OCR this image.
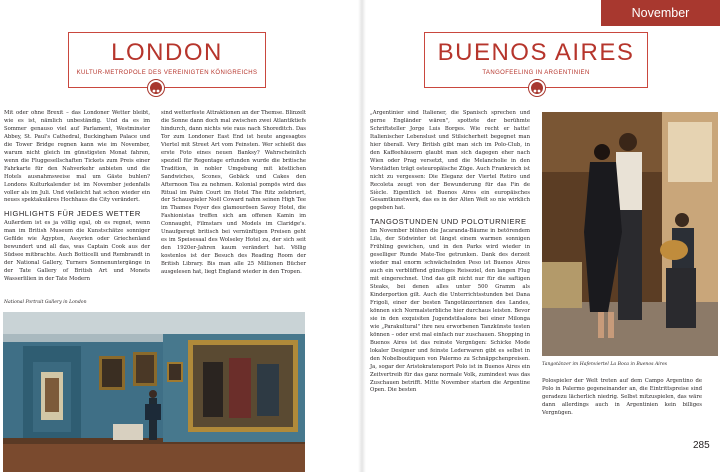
November
LONDON
KULTUR-METROPOLE DES VEREINIGTEN KÖNIGREICHS

Mit oder ohne Brexit – das Londoner Wetter bleibt, wie es ist, nämlich unbeständig. Und da es im Sommer genauso viel auf Parlament, Westminster Abbey, St. Paul's Cathedral, Buckingham Palace und die Tower Bridge regnen kann wie im November, warum nicht gleich im günstigsten Monat fahren, wenn die Fluggesellschaften Tickets zum Preis einer Fahrkarte für den Nahverkehr anbieten und die Hotels ausnahmsweise mal um Gäste buhlen? Londons Kulturkalender ist im November jedenfalls voller als im Juli. Und vielleicht hat schon wieder ein neues spektakuläres Hochhaus die City verändert.

HIGHLIGHTS FÜR JEDES WETTER

Außerdem ist es ja völlig egal, ob es regnet, wenn man im British Museum die Kunstschätze sonniger Gefilde wie Ägypten, Assyrien oder Griechenland bewundert und all das, was Captain Cook aus der Südsee mitbrachte. Auch Botticelli und Rembrandt in der National Gallery, Turners Sonnenuntergänge in der Tate Gallery of British Art und Monets Wasserlilien in der Tate Modern

sind wetterfeste Attraktionen an der Themse. Blinzelt die Sonne dann doch mal zwischen zwei Atlantiktiefs hindurch, dann nichts wie raus nach Shoreditch. Das Tor zum Londoner East End ist heute angesagtes Viertel mit Street Art vom Feinsten. Wer schießt das erste Foto eines neuen Banksy? Wahrscheinlich speziell für Regentage erfunden wurde die britische Tradition, in nobler Umgebung mit köstlichen Sandwiches, Scones, Gebäck und Cakes den Afternoon Tea zu nehmen. Kolonial pompös wird das Ritual im Palm Court im Hotel The Ritz zelebriert, der Schauspieler Noël Coward nahm seinen High Tee im Thames Foyer des glamourösen Savoy Hotel, die Fashionistas treffen sich am offenen Kamin im Connaught, Filmstars und Models im Claridge's. Unaufgeregt britisch bei vernünftigen Preisen geht es im Speisesaal des Wolseley Hotel zu, der sich seit den 1920er-Jahren kaum verändert hat. Völlig kostenlos ist der Besuch des Reading Room der British Library. Bis man alle 25 Millionen Bücher ausgelesen hat, liegt England wieder in den Tropen.

National Portrait Gallery in London
BUENOS AIRES
TANGOFEELING IN ARGENTINIEN

„Argentinier sind Italiener, die Spanisch sprechen und gerne Engländer wären", spottete der berühmte Schriftsteller Jorge Luis Borges. Wie recht er hatte! Italienischer Lebenslust und Stilsicherheit begegnet man hier überall. Very British gibt man sich im Polo-Club, in den Kaffeehäusern glaubt man sich dagegen eher nach Wien oder Prag versetzt, und die Melancholie in den Vorstädten trägt osteuropäische Züge. Auch Frankreich ist nicht zu vergessen: Die Eleganz der Viertel Retiro und Recoleta zeugt von der Bewunderung für das Fin de Siècle. Eigentlich ist Buenos Aires ein europäisches Gesamtkunstwerk, das es in der Alten Welt so nie wirklich gegeben hat.

TANGOSTUNDEN UND POLOTURNIERE

Im November blühen die Jacaranda-Bäume in betörendem Lila, der Südwinter ist längst einem warmen sonnigen Frühling gewichen, und in den Parks wird wieder in geselliger Runde Mate-Tee getrunken. Dank des derzeit wieder mal enorm schwächelnden Peso ist Buenos Aires auch ein verblüffend günstiges Reiseziel, den langen Flug mit eingerechnet. Und das gilt nicht nur für die saftigen Steaks, bei denen alles unter 500 Gramm als Kinderportion gilt. Auch die Unterrichtsstunden bei Dana Frigoli, einer der besten Tangotänzerinnen des Landes, können sich Normalsterbliche hier durchaus leisten. Bevor sie in den exquisiten Jugendstilsalons bei einer Milonga wie „Parakultural" ihre neu erworbenen Tanzkünste testen können – oder erst mal einfach nur zuschauen. Shopping in Buenos Aires ist das reinste Vergnügen: Schicke Mode lokaler Designer und feinste Lederwaren gibt es selbst in den Nobelboutiquen von Palermo zu Schnäppchenpreisen. Ja, sogar der Aristokratensport Polo ist in Buenos Aires ein Zeitvertreib für das ganz normale Volk, zumindest was das Zuschauen betrifft. Mitte November starten die Argentine Open. Die besten

Tangotänzer im Hafenviertel La Boca in Buenos Aires

Polospieler der Welt treten auf dem Campo Argentino de Polo in Palermo gegeneinander an, die Eintrittspreise sind geradezu lächerlich niedrig. Selbst mitzuspielen, das wäre dann allerdings auch in Argentinien kein billiges Vergnügen.

285
